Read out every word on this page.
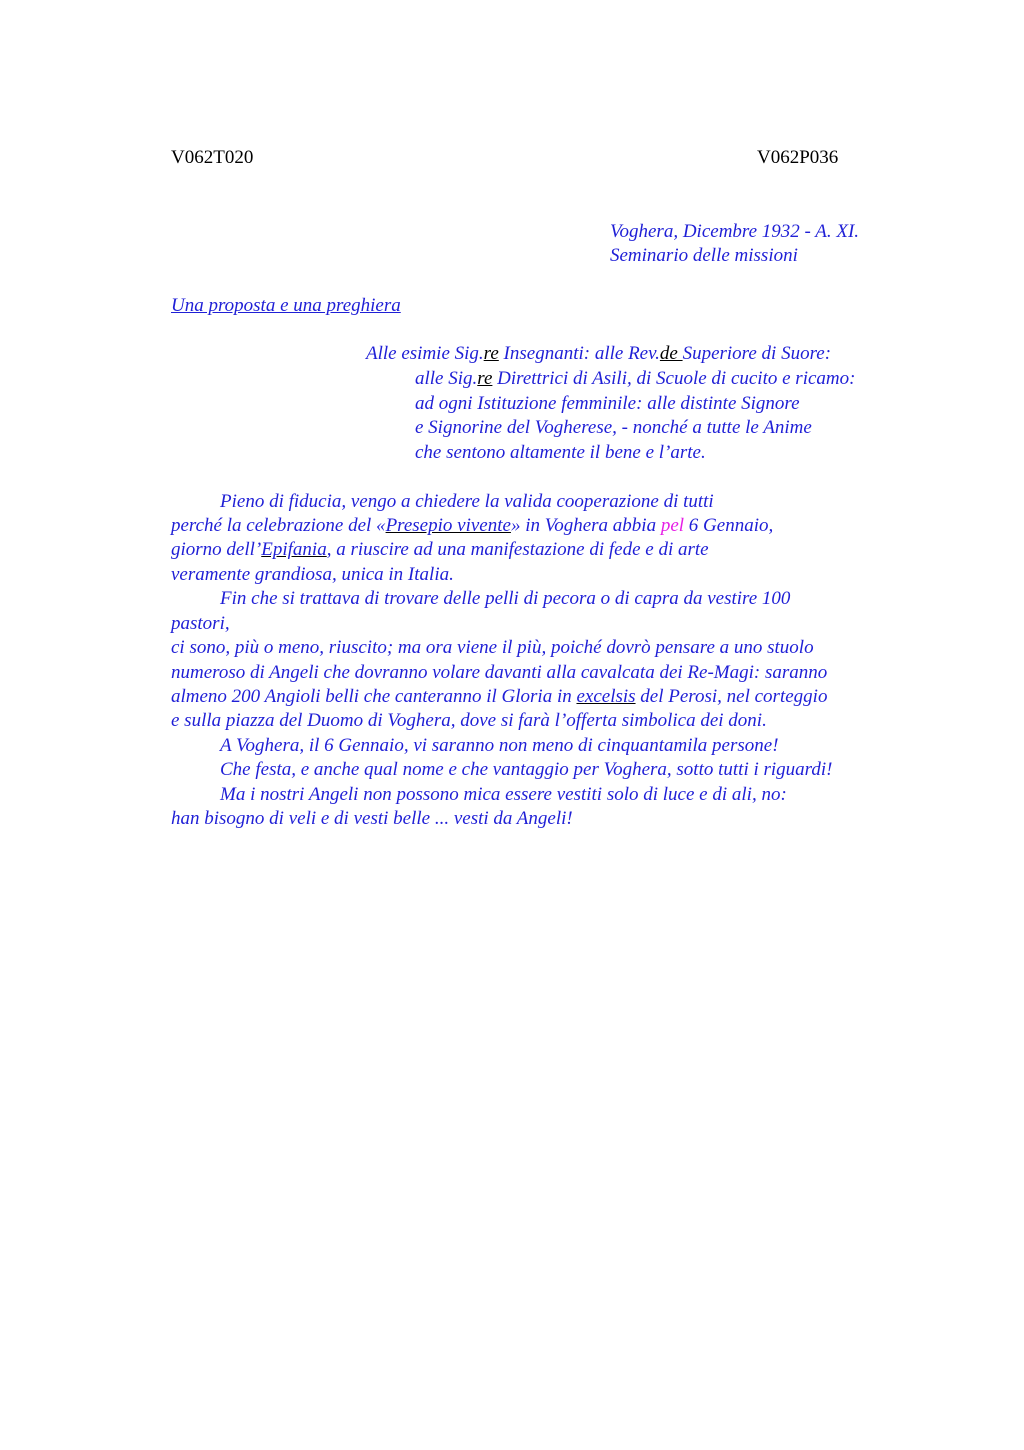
V062T020	V062P036
Voghera, Dicembre 1932 - A. XI.
Seminario delle missioni
Una proposta e una preghiera
Alle esimie Sig.re Insegnanti: alle Rev.de Superiore di Suore:
alle Sig.re Direttrici di Asili, di Scuole di cucito e ricamo:
ad ogni Istituzione femminile: alle distinte Signore
e Signorine del Vogherese, - nonché a tutte le Anime
che sentono altamente il bene e l’arte.
Pieno di fiducia, vengo a chiedere la valida cooperazione di tutti
perché la celebrazione del «Presepio vivente» in Voghera abbia pel 6 Gennaio,
giorno dell’Epifania, a riuscire ad una manifestazione di fede e di arte
veramente grandiosa, unica in Italia.
Fin che si trattava di trovare delle pelli di pecora o di capra da vestire 100
pastori,
ci sono, più o meno, riuscito; ma ora viene il più, poiché dovrò pensare a uno stuolo
numeroso di Angeli che dovranno volare davanti alla cavalcata dei Re-Magi: saranno
almeno 200 Angioli belli che canteranno il Gloria in excelsis del Perosi, nel corteggio
e sulla piazza del Duomo di Voghera, dove si farà l’offerta simbolica dei doni.
A Voghera, il 6 Gennaio, vi saranno non meno di cinquantamila persone!
Che festa, e anche qual nome e che vantaggio per Voghera, sotto tutti i riguardi!
Ma i nostri Angeli non possono mica essere vestiti solo di luce e di ali, no:
han bisogno di veli e di vesti belle ... vesti da Angeli!
